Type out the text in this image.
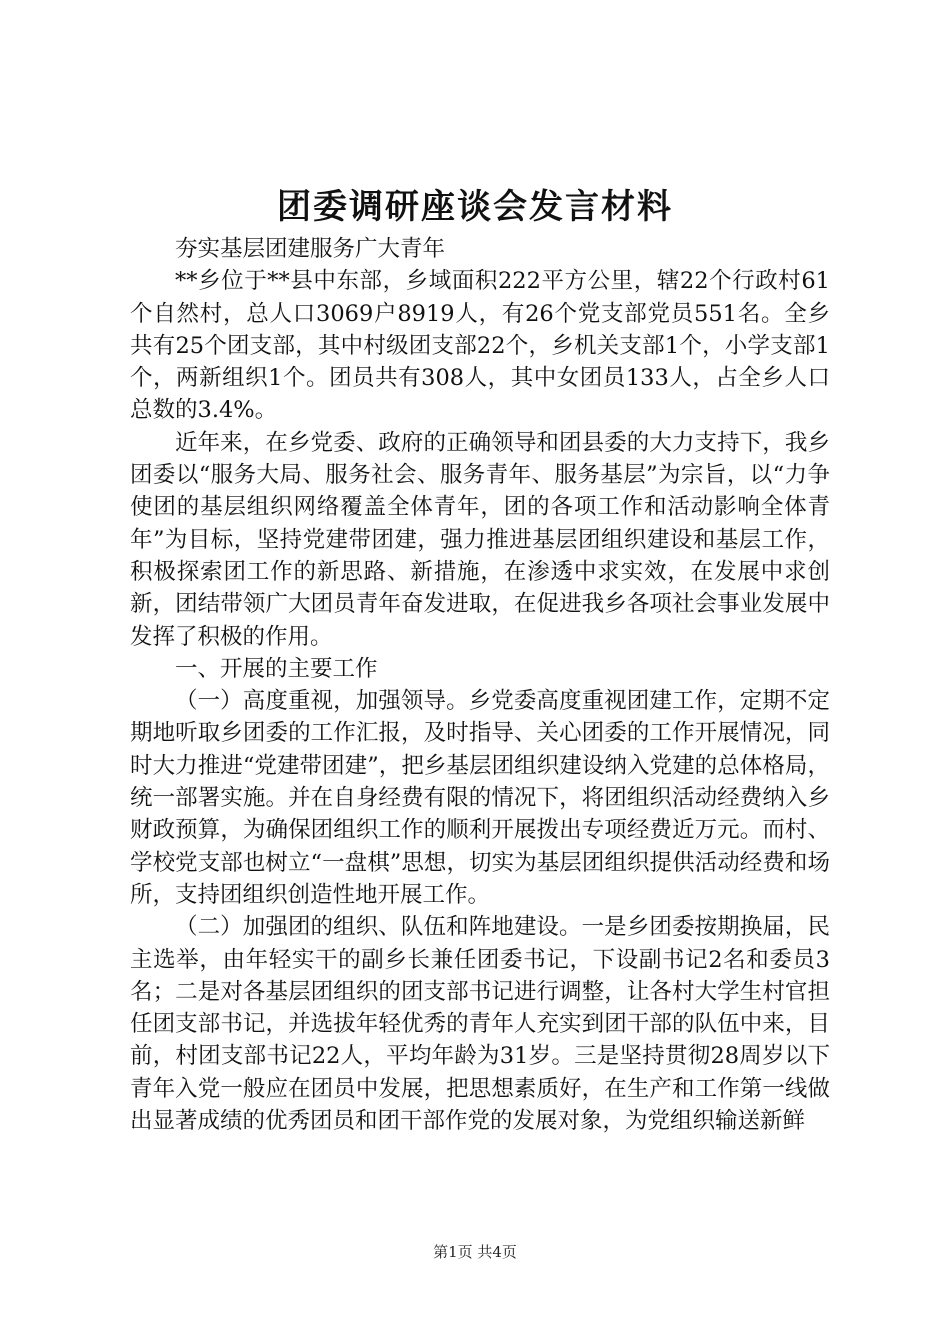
团委调研座谈会发言材料

夯实基层团建服务广大青年

**乡位于**县中东部，乡域面积222平方公里，辖22个行政村61个自然村，总人口3069户8919人，有26个党支部党员551名。全乡共有25个团支部，其中村级团支部22个，乡机关支部1个，小学支部1个，两新组织1个。团员共有308人，其中女团员133人，占全乡人口总数的3.4%。

近年来，在乡党委、政府的正确领导和团县委的大力支持下，我乡团委以“服务大局、服务社会、服务青年、服务基层”为宗旨，以“力争使团的基层组织网络覆盖全体青年，团的各项工作和活动影响全体青年”为目标，坚持党建带团建，强力推进基层团组织建设和基层工作，积极探索团工作的新思路、新措施，在渗透中求实效，在发展中求创新，团结带领广大团员青年奋发进取，在促进我乡各项社会事业发展中发挥了积极的作用。

一、开展的主要工作

（一）高度重视，加强领导。乡党委高度重视团建工作，定期不定期地听取乡团委的工作汇报，及时指导、关心团委的工作开展情况，同时大力推进“党建带团建”，把乡基层团组织建设纳入党建的总体格局，统一部署实施。并在自身经费有限的情况下，将团组织活动经费纳入乡财政预算，为确保团组织工作的顺利开展拨出专项经费近万元。而村、学校党支部也树立“一盘棋”思想，切实为基层团组织提供活动经费和场所，支持团组织创造性地开展工作。

（二）加强团的组织、队伍和阵地建设。一是乡团委按期换届，民主选举，由年轻实干的副乡长兼任团委书记，下设副书记2名和委员3名；二是对各基层团组织的团支部书记进行调整，让各村大学生村官担任团支部书记，并选拔年轻优秀的青年人充实到团干部的队伍中来，目前，村团支部书记22人，平均年龄为31岁。三是坚持贯彻28周岁以下青年入党一般应在团员中发展，把思想素质好，在生产和工作第一线做出显著成绩的优秀团员和团干部作党的发展对象，为党组织输送新鲜

第1页 共4页
